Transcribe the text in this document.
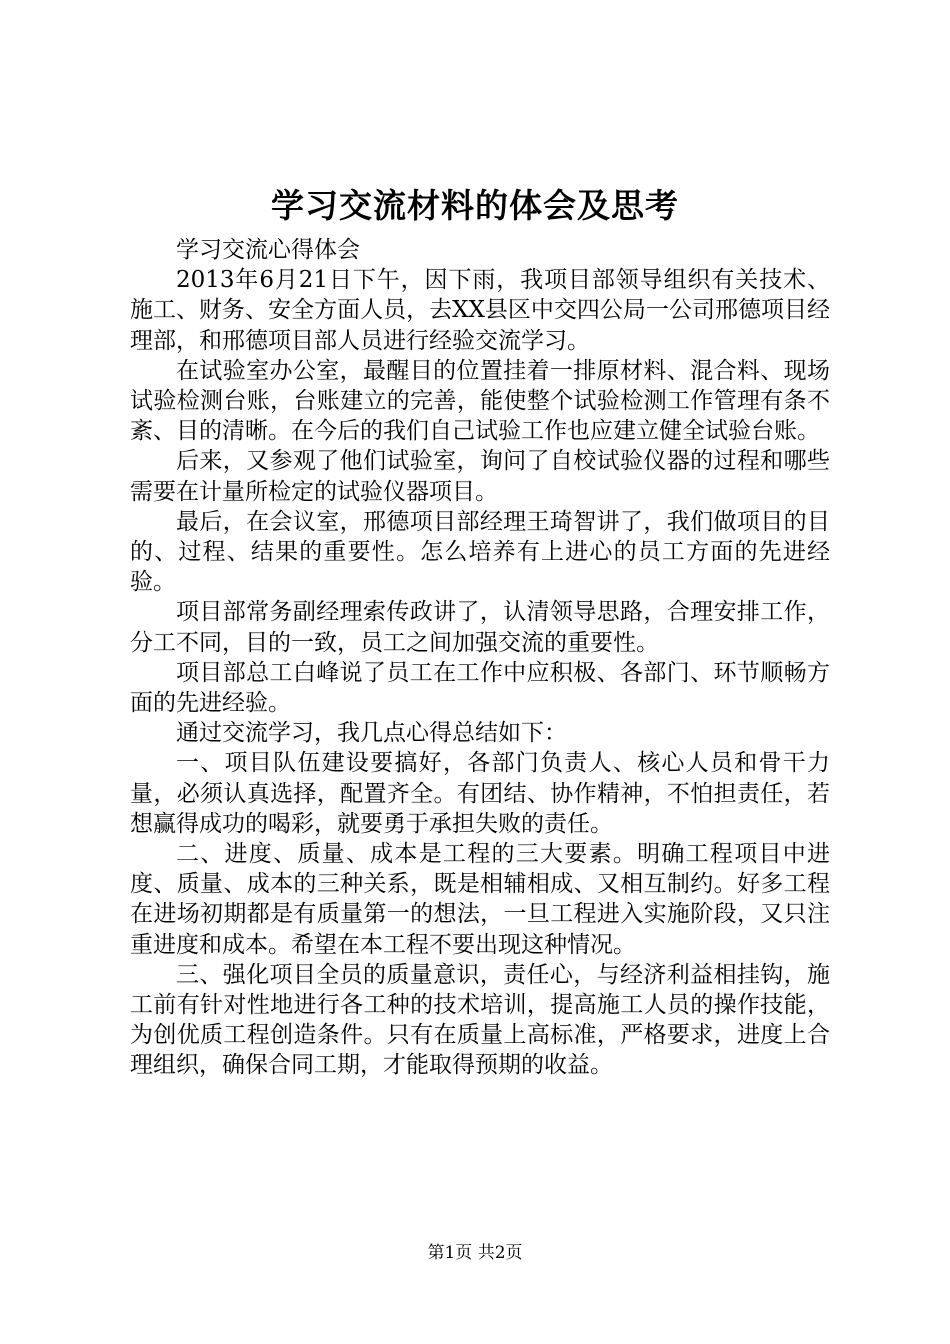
学习交流材料的体会及思考

学习交流心得体会

2013年6月21日下午，因下雨，我项目部领导组织有关技术、施工、财务、安全方面人员，去XX县区中交四公局一公司邢德项目经理部，和邢德项目部人员进行经验交流学习。

在试验室办公室，最醒目的位置挂着一排原材料、混合料、现场试验检测台账，台账建立的完善，能使整个试验检测工作管理有条不紊、目的清晰。在今后的我们自己试验工作也应建立健全试验台账。

后来，又参观了他们试验室，询问了自校试验仪器的过程和哪些需要在计量所检定的试验仪器项目。

最后，在会议室，邢德项目部经理王琦智讲了，我们做项目的目的、过程、结果的重要性。怎么培养有上进心的员工方面的先进经验。

项目部常务副经理索传政讲了，认清领导思路，合理安排工作，分工不同，目的一致，员工之间加强交流的重要性。

项目部总工白峰说了员工在工作中应积极、各部门、环节顺畅方面的先进经验。

通过交流学习，我几点心得总结如下：

一、项目队伍建设要搞好，各部门负责人、核心人员和骨干力量，必须认真选择，配置齐全。有团结、协作精神，不怕担责任，若想赢得成功的喝彩，就要勇于承担失败的责任。

二、进度、质量、成本是工程的三大要素。明确工程项目中进度、质量、成本的三种关系，既是相辅相成、又相互制约。好多工程在进场初期都是有质量第一的想法，一旦工程进入实施阶段，又只注重进度和成本。希望在本工程不要出现这种情况。

三、强化项目全员的质量意识，责任心，与经济利益相挂钩，施工前有针对性地进行各工种的技术培训，提高施工人员的操作技能，为创优质工程创造条件。只有在质量上高标准，严格要求，进度上合理组织，确保合同工期，才能取得预期的收益。

第1页 共2页
